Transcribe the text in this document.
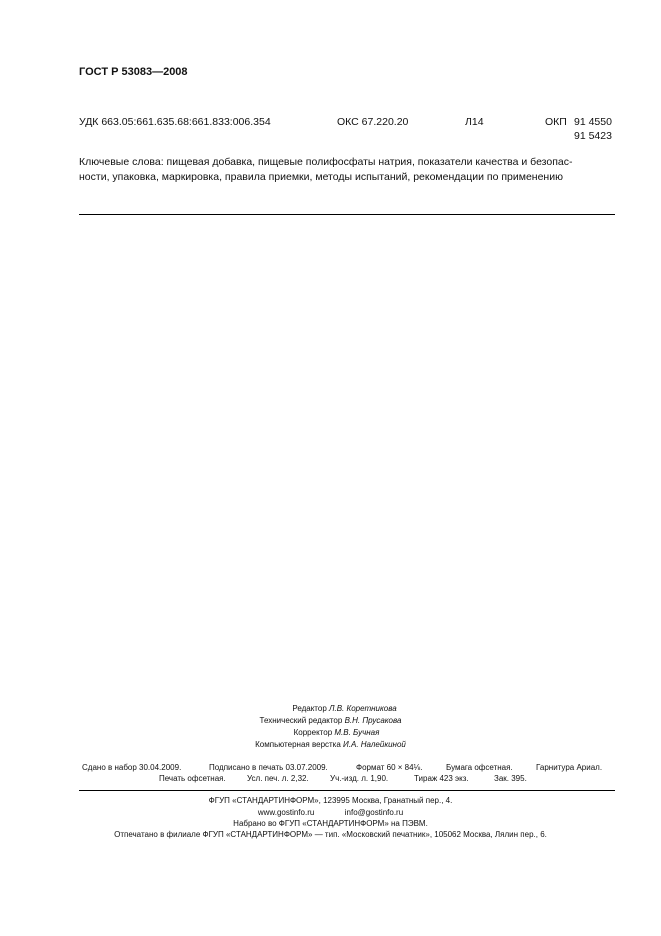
ГОСТ Р 53083—2008
УДК 663.05:661.635.68:661.833:006.354	ОКС 67.220.20	Л14	ОКП 91 4550
91 5423
Ключевые слова: пищевая добавка, пищевые полифосфаты натрия, показатели качества и безопас-
ности, упаковка, маркировка, правила приемки, методы испытаний, рекомендации по применению
Редактор Л.В. Коретникова
Технический редактор В.Н. Прусакова
Корректор М.В. Бучная
Компьютерная верстка И.А. Налейкиной
Сдано в набор 30.04.2009.	Подписано в печать 03.07.2009.	Формат 60 × 84⅛.	Бумага офсетная.	Гарнитура Ариал.
Печать офсетная.	Усл. печ. л. 2,32.	Уч.-изд. л. 1,90.	Тираж 423 экз.	Зак. 395.
ФГУП «СТАНДАРТИНФОРМ», 123995 Москва, Гранатный пер., 4.
www.gostinfo.ru	info@gostinfo.ru
Набрано во ФГУП «СТАНДАРТИНФОРМ» на ПЭВМ.
Отпечатано в филиале ФГУП «СТАНДАРТИНФОРМ» — тип. «Московский печатник», 105062 Москва, Лялин пер., 6.
